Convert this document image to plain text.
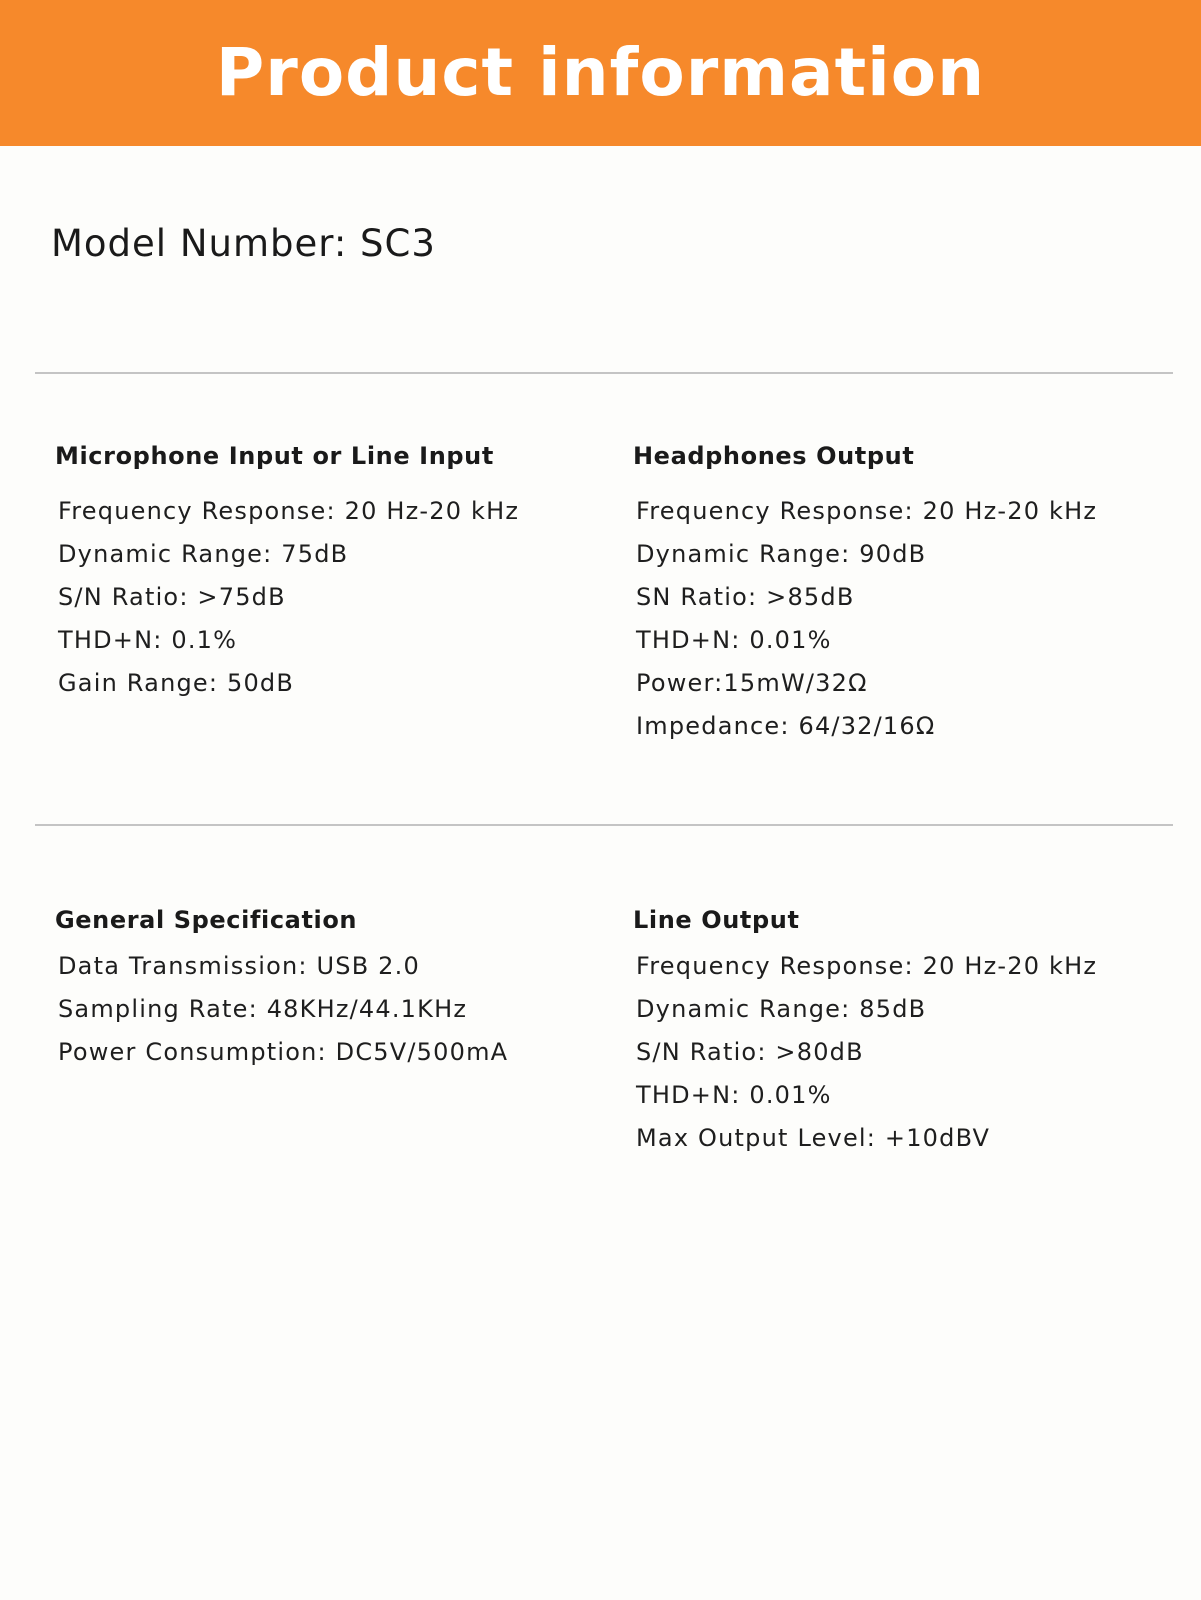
Product information
Model Number: SC3
Microphone Input or Line Input
Frequency Response: 20 Hz-20 kHz
Dynamic Range: 75dB
S/N Ratio: >75dB
THD+N: 0.1%
Gain Range: 50dB
Headphones Output
Frequency Response: 20 Hz-20 kHz
Dynamic Range: 90dB
SN Ratio: >85dB
THD+N: 0.01%
Power:15mW/32Ω
Impedance: 64/32/16Ω
General Specification
Data Transmission: USB 2.0
Sampling Rate: 48KHz/44.1KHz
Power Consumption: DC5V/500mA
Line Output
Frequency Response: 20 Hz-20 kHz
Dynamic Range: 85dB
S/N Ratio: >80dB
THD+N: 0.01%
Max Output Level: +10dBV
